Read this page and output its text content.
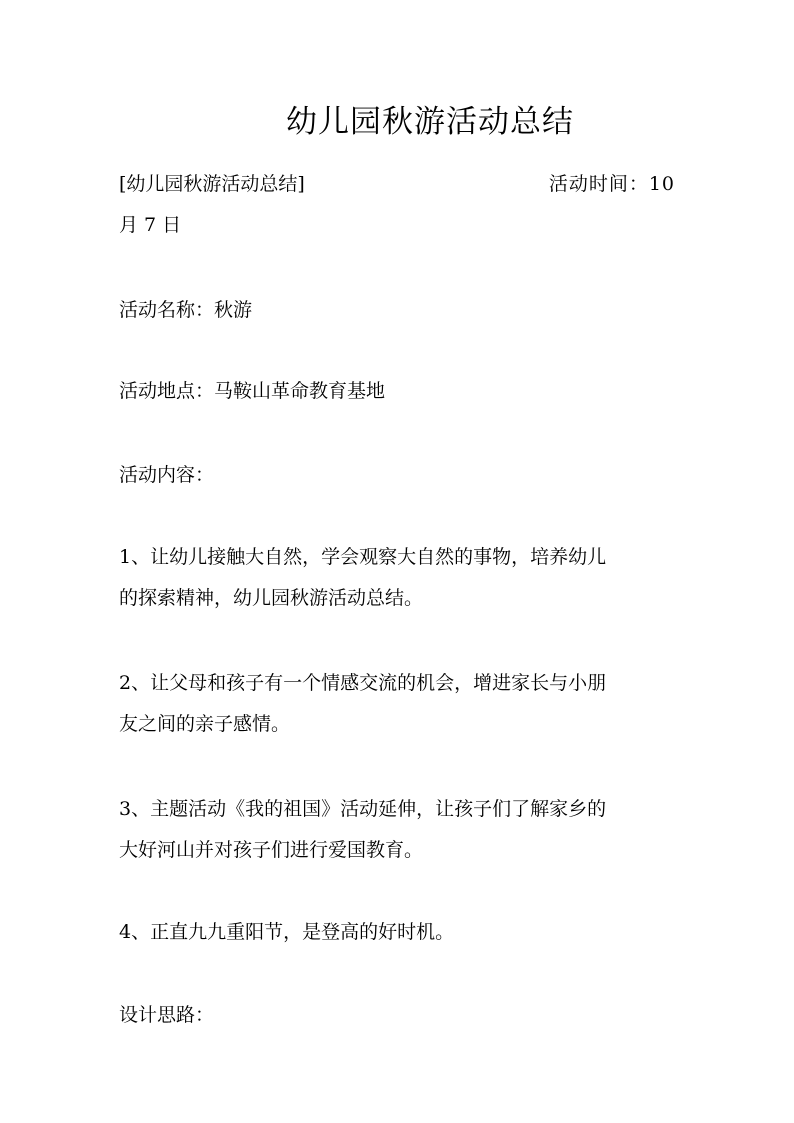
幼儿园秋游活动总结
[幼儿园秋游活动总结]	活动时间：10
月 7 日
活动名称：秋游
活动地点：马鞍山革命教育基地
活动内容：
1、让幼儿接触大自然，学会观察大自然的事物，培养幼儿
的探索精神，幼儿园秋游活动总结。
2、让父母和孩子有一个情感交流的机会，增进家长与小朋
友之间的亲子感情。
3、主题活动《我的祖国》活动延伸，让孩子们了解家乡的
大好河山并对孩子们进行爱国教育。
4、正直九九重阳节，是登高的好时机。
设计思路：
